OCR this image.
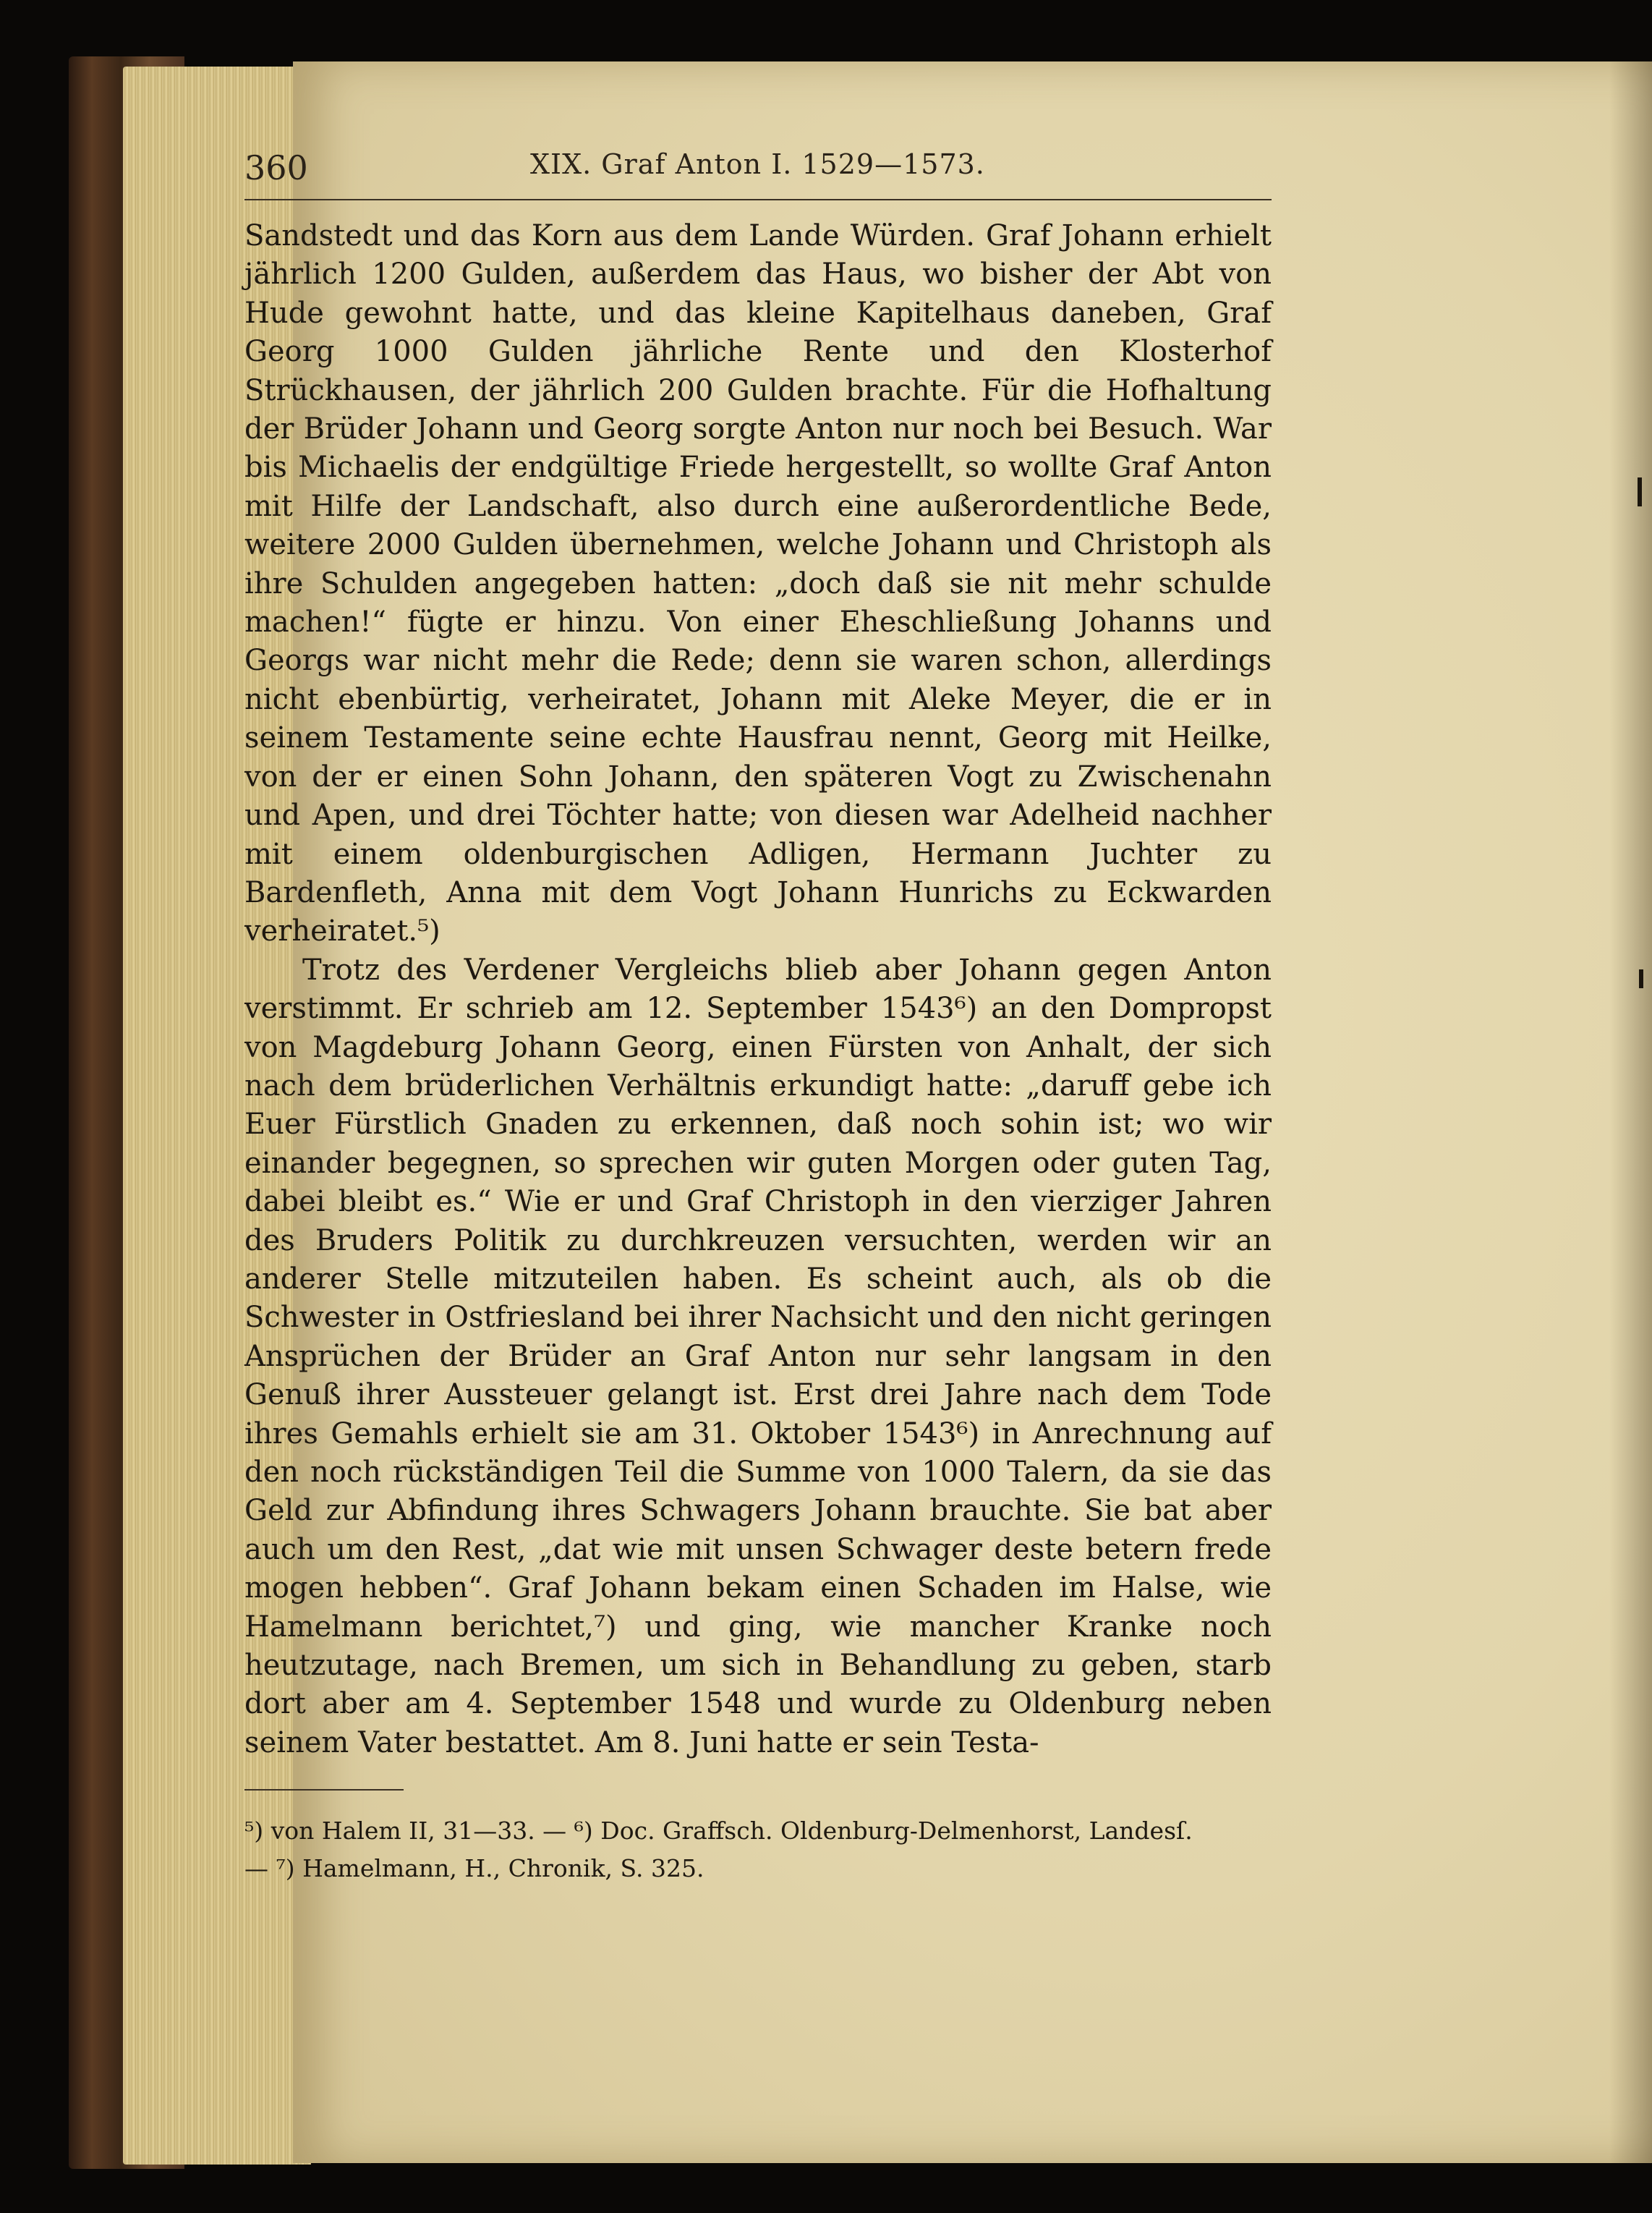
360	XIX. Graf Anton I. 1529—1573.

Sandstedt und das Korn aus dem Lande Würden. Graf Johann erhielt jährlich 1200 Gulden, außerdem das Haus, wo bisher der Abt von Hude gewohnt hatte, und das kleine Kapitelhaus daneben, Graf Georg 1000 Gulden jährliche Rente und den Klosterhof Strückhausen, der jährlich 200 Gulden brachte. Für die Hofhaltung der Brüder Johann und Georg sorgte Anton nur noch bei Besuch. War bis Michaelis der endgültige Friede hergestellt, so wollte Graf Anton mit Hilfe der Landschaft, also durch eine außerordentliche Bede, weitere 2000 Gulden übernehmen, welche Johann und Christoph als ihre Schulden angegeben hatten: „doch daß sie nit mehr schulde machen!“ fügte er hinzu. Von einer Eheschließung Johanns und Georgs war nicht mehr die Rede; denn sie waren schon, allerdings nicht ebenbürtig, verheiratet, Johann mit Aleke Meyer, die er in seinem Testamente seine echte Hausfrau nennt, Georg mit Heilke, von der er einen Sohn Johann, den späteren Vogt zu Zwischenahn und Apen, und drei Töchter hatte; von diesen war Adelheid nachher mit einem oldenburgischen Adligen, Hermann Juchter zu Bardenfleth, Anna mit dem Vogt Johann Hunrichs zu Eckwarden verheiratet.⁵)

Trotz des Verdener Vergleichs blieb aber Johann gegen Anton verstimmt. Er schrieb am 12. September 1543⁶) an den Dompropst von Magdeburg Johann Georg, einen Fürsten von Anhalt, der sich nach dem brüderlichen Verhältnis erkundigt hatte: „daruff gebe ich Euer Fürstlich Gnaden zu erkennen, daß noch sohin ist; wo wir einander begegnen, so sprechen wir guten Morgen oder guten Tag, dabei bleibt es.“ Wie er und Graf Christoph in den vierziger Jahren des Bruders Politik zu durchkreuzen versuchten, werden wir an anderer Stelle mitzuteilen haben. Es scheint auch, als ob die Schwester in Ostfriesland bei ihrer Nachsicht und den nicht geringen Ansprüchen der Brüder an Graf Anton nur sehr langsam in den Genuß ihrer Aussteuer gelangt ist. Erst drei Jahre nach dem Tode ihres Gemahls erhielt sie am 31. Oktober 1543⁶) in Anrechnung auf den noch rückständigen Teil die Summe von 1000 Talern, da sie das Geld zur Abfindung ihres Schwagers Johann brauchte. Sie bat aber auch um den Rest, „dat wie mit unsen Schwager deste betern frede mogen hebben“. Graf Johann bekam einen Schaden im Halse, wie Hamelmann berichtet,⁷) und ging, wie mancher Kranke noch heutzutage, nach Bremen, um sich in Behandlung zu geben, starb dort aber am 4. September 1548 und wurde zu Oldenburg neben seinem Vater bestattet. Am 8. Juni hatte er sein Testa-

⁵) von Halem II, 31—33. — ⁶) Doc. Graffsch. Oldenburg-Delmenhorst, Landesſ.

— ⁷) Hamelmann, H., Chronik, S. 325.
